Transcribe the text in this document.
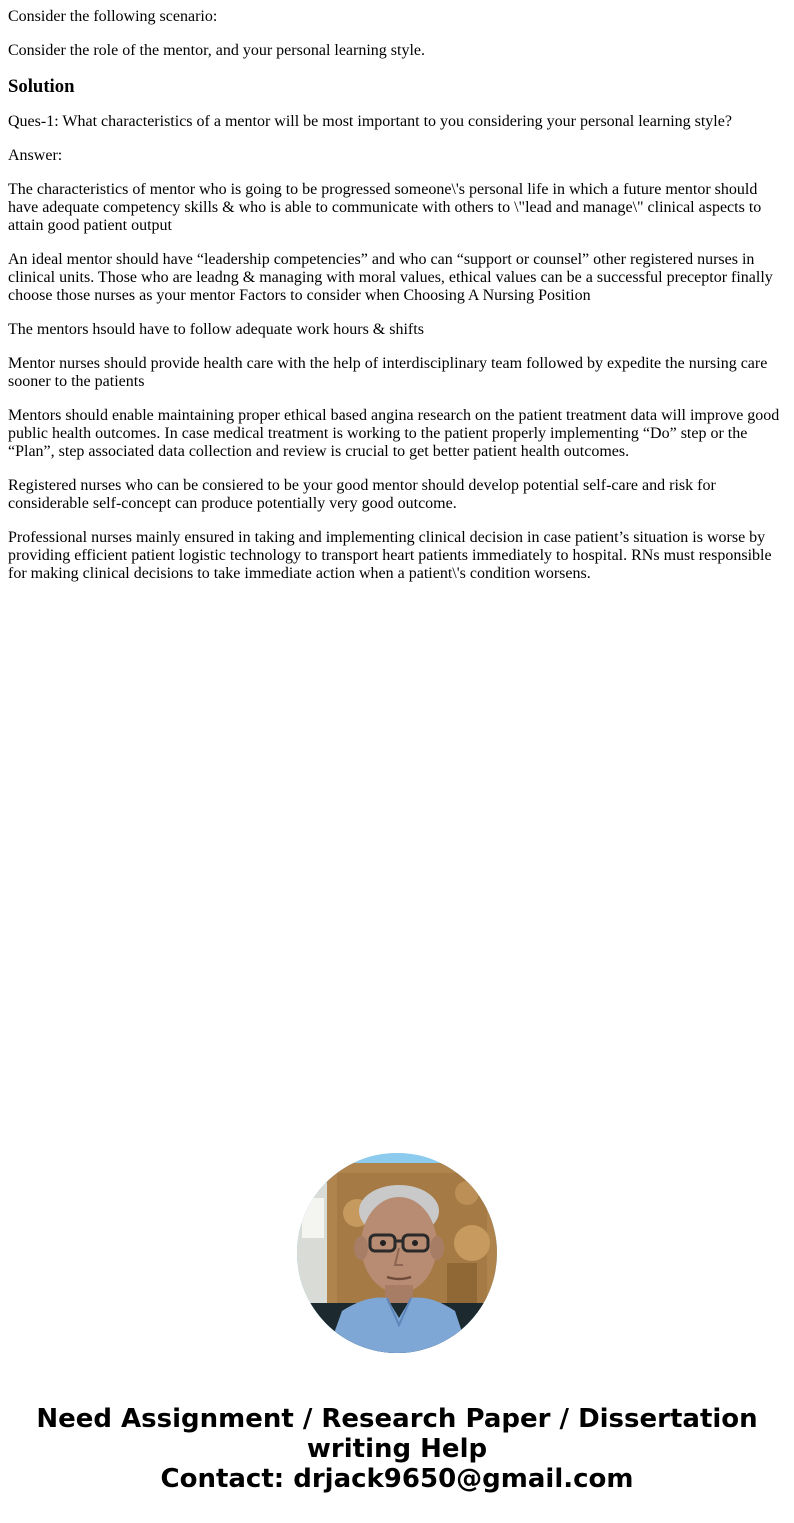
Consider the following scenario:

Consider the role of the mentor, and your personal learning style.

Solution

Ques-1: What characteristics of a mentor will be most important to you considering your personal learning style?

Answer:

The characteristics of mentor who is going to be progressed someone\'s personal life in which a future mentor should have adequate competency skills & who is able to communicate with others to \"lead and manage\" clinical aspects to attain good patient output

An ideal mentor should have “leadership competencies” and who can “support or counsel” other registered nurses in clinical units. Those who are leadng & managing with moral values, ethical values can be a successful preceptor finally choose those nurses as your mentor Factors to consider when Choosing A Nursing Position

The mentors hsould have to follow adequate work hours & shifts

Mentor nurses should provide health care with the help of interdisciplinary team followed by expedite the nursing care sooner to the patients

Mentors should enable maintaining proper ethical based angina research on the patient treatment data will improve good public health outcomes. In case medical treatment is working to the patient properly implementing “Do” step or the “Plan”, step associated data collection and review is crucial to get better patient health outcomes.

Registered nurses who can be consiered to be your good mentor should develop potential self-care and risk for considerable self-concept can produce potentially very good outcome.

Professional nurses mainly ensured in taking and implementing clinical decision in case patient’s situation is worse by providing efficient patient logistic technology to transport heart patients immediately to hospital. RNs must responsible for making clinical decisions to take immediate action when a patient\'s condition worsens.

Need Assignment / Research Paper / Dissertation writing Help
Contact: drjack9650@gmail.com
